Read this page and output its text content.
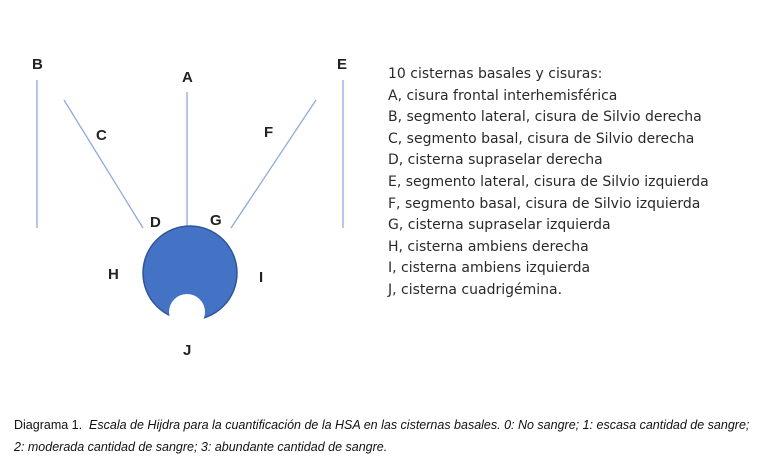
B
A
E
C	F
D	G
H	I
J
10 cisternas basales y cisuras:
A, cisura frontal interhemisférica
B, segmento lateral, cisura de Silvio derecha
C, segmento basal, cisura de Silvio derecha
D, cisterna supraselar derecha
E, segmento lateral, cisura de Silvio izquierda
F, segmento basal, cisura de Silvio izquierda
G, cisterna supraselar izquierda
H, cisterna ambiens derecha
I, cisterna ambiens izquierda
J, cisterna cuadrigémina.
Diagrama 1. Escala de Hijdra para la cuantificación de la HSA en las cisternas basales. 0: No sangre; 1: escasa cantidad de sangre; 2: moderada cantidad de sangre; 3: abundante cantidad de sangre.
